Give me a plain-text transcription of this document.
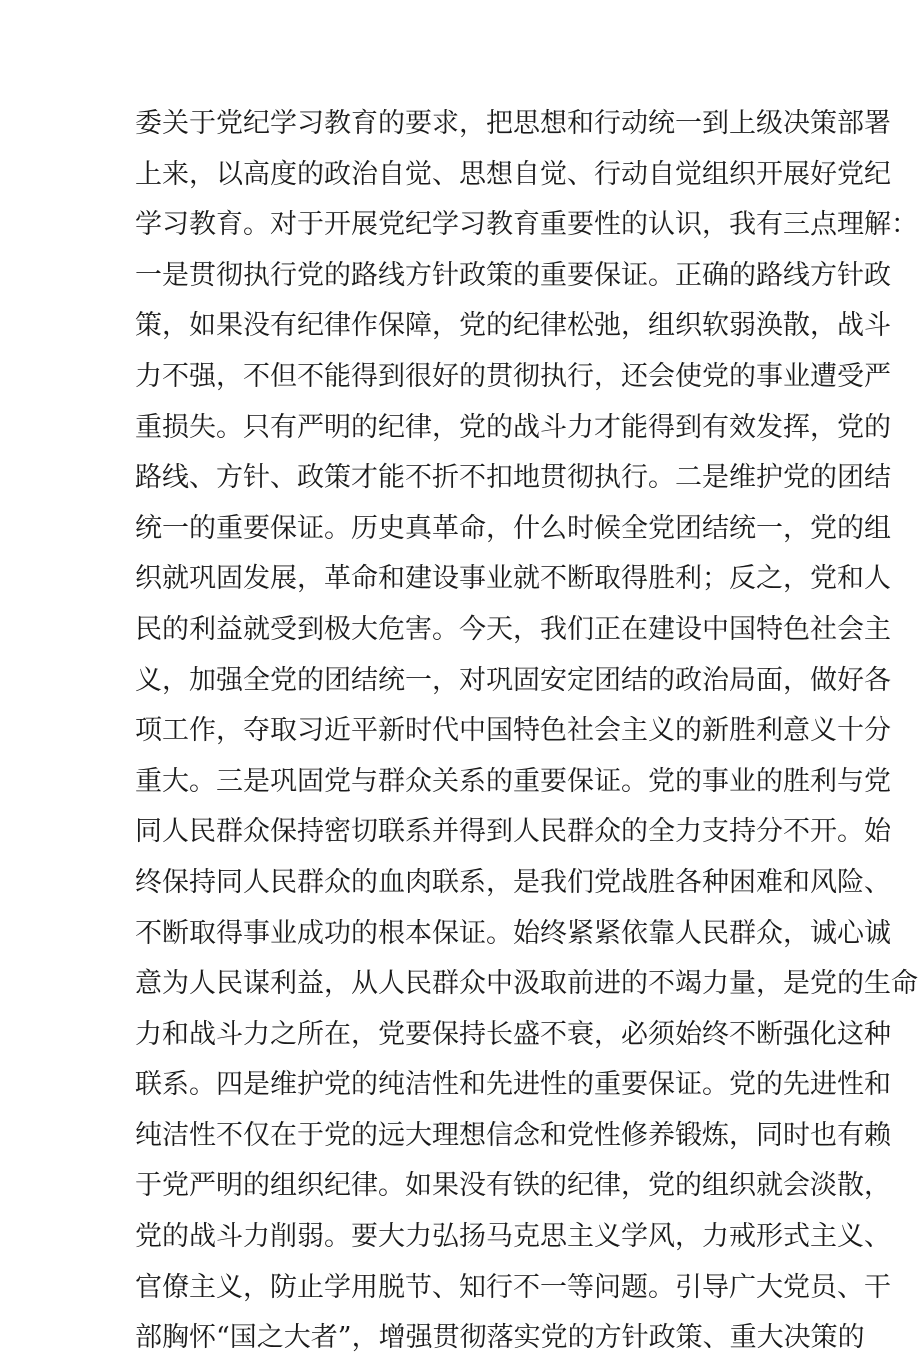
委关于党纪学习教育的要求，把思想和行动统一到上级决策部署
上来，以高度的政治自觉、思想自觉、行动自觉组织开展好党纪
学习教育。对于开展党纪学习教育重要性的认识，我有三点理解：
一是贯彻执行党的路线方针政策的重要保证。正确的路线方针政
策，如果没有纪律作保障，党的纪律松弛，组织软弱涣散，战斗
力不强，不但不能得到很好的贯彻执行，还会使党的事业遭受严
重损失。只有严明的纪律，党的战斗力才能得到有效发挥，党的
路线、方针、政策才能不折不扣地贯彻执行。二是维护党的团结
统一的重要保证。历史真革命，什么时候全党团结统一，党的组
织就巩固发展，革命和建设事业就不断取得胜利；反之，党和人
民的利益就受到极大危害。今天，我们正在建设中国特色社会主
义，加强全党的团结统一，对巩固安定团结的政治局面，做好各
项工作，夺取习近平新时代中国特色社会主义的新胜利意义十分
重大。三是巩固党与群众关系的重要保证。党的事业的胜利与党
同人民群众保持密切联系并得到人民群众的全力支持分不开。始
终保持同人民群众的血肉联系，是我们党战胜各种困难和风险、
不断取得事业成功的根本保证。始终紧紧依靠人民群众，诚心诚
意为人民谋利益，从人民群众中汲取前进的不竭力量，是党的生命
力和战斗力之所在，党要保持长盛不衰，必须始终不断强化这种
联系。四是维护党的纯洁性和先进性的重要保证。党的先进性和
纯洁性不仅在于党的远大理想信念和党性修养锻炼，同时也有赖
于党严明的组织纪律。如果没有铁的纪律，党的组织就会淡散，
党的战斗力削弱。要大力弘扬马克思主义学风，力戒形式主义、
官僚主义，防止学用脱节、知行不一等问题。引导广大党员、干
部胸怀“国之大者”，增强贯彻落实党的方针政策、重大决策的
